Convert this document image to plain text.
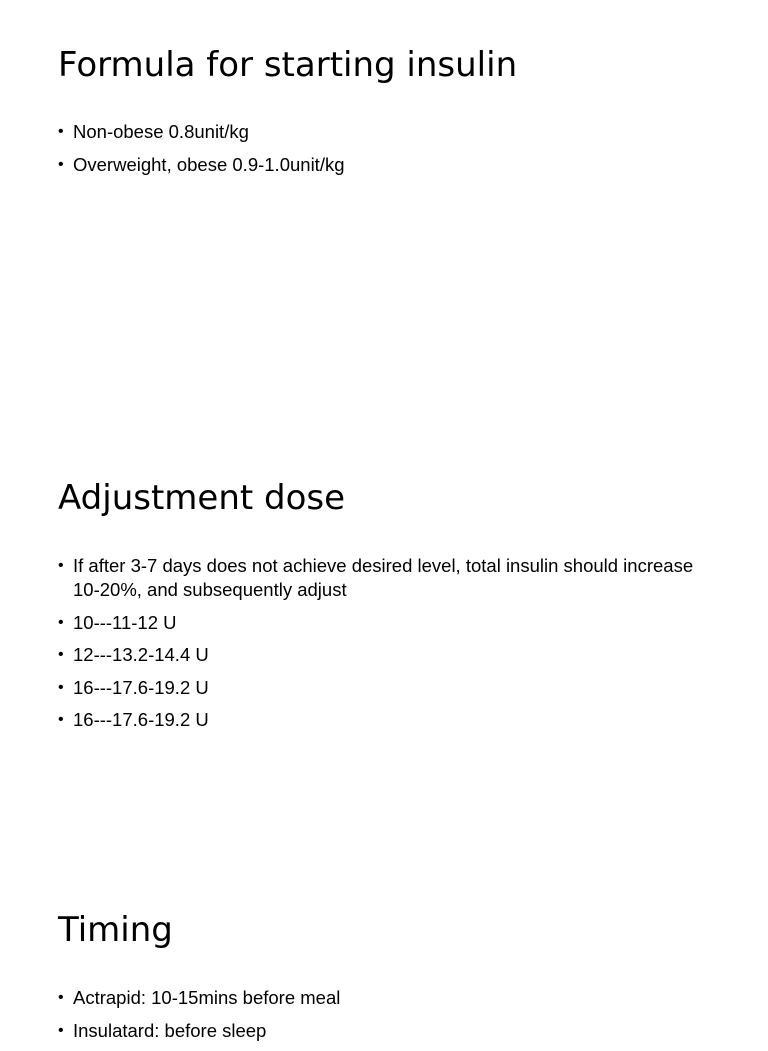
Formula for starting insulin
• Non-obese 0.8unit/kg
• Overweight, obese 0.9-1.0unit/kg
Adjustment dose
• If after 3-7 days does not achieve desired level, total insulin should increase 10-20%, and subsequently adjust
• 10---11-12 U
• 12---13.2-14.4 U
• 16---17.6-19.2 U
• 16---17.6-19.2 U
Timing
• Actrapid: 10-15mins before meal
• Insulatard: before sleep
